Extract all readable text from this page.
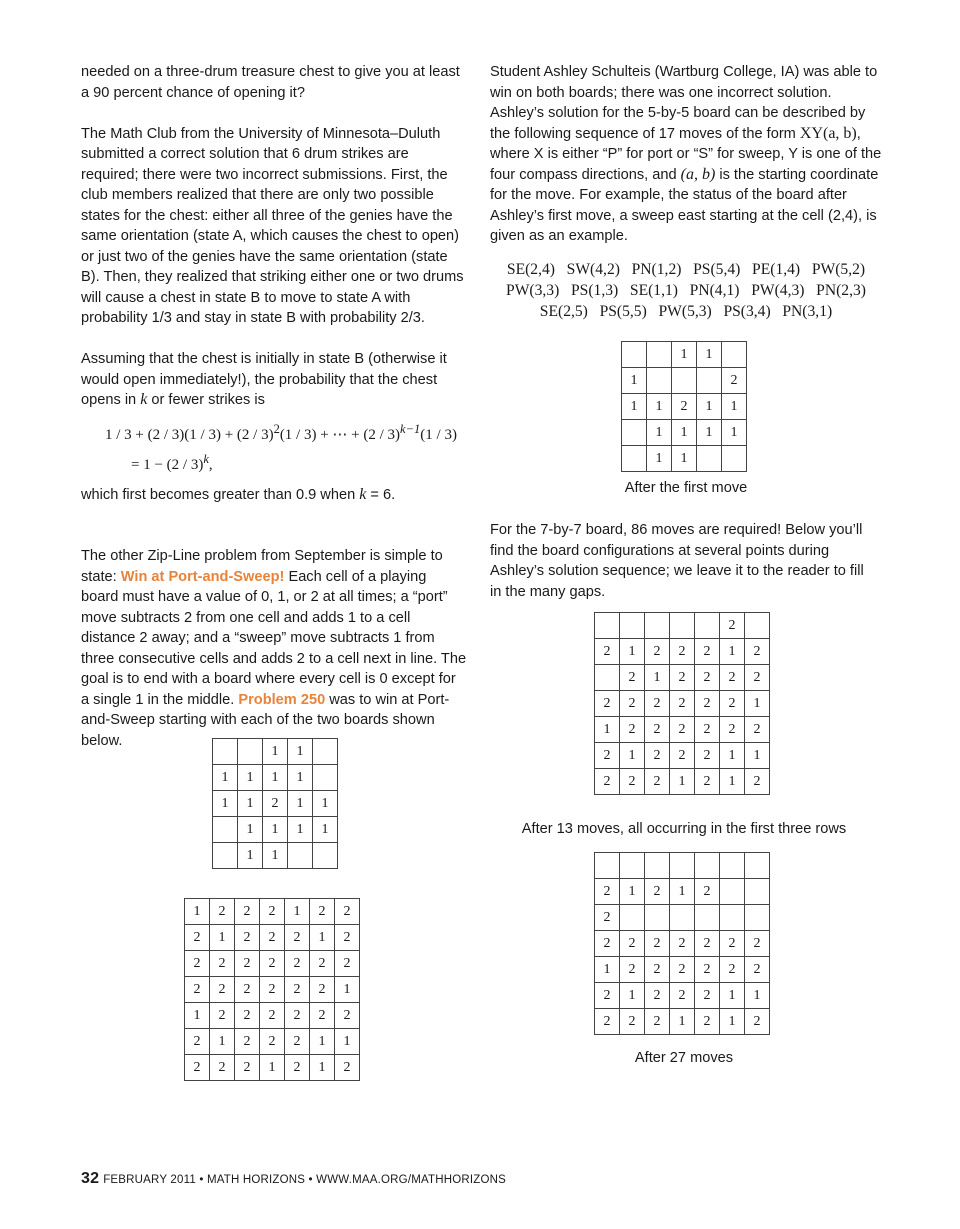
needed on a three-drum treasure chest to give you at least a 90 percent chance of opening it?

The Math Club from the University of Minnesota–Duluth submitted a correct solution that 6 drum strikes are required; there were two incorrect submissions. First, the club members realized that there are only two possible states for the chest: either all three of the genies have the same orientation (state A, which causes the chest to open) or just two of the genies have the same orientation (state B). Then, they realized that striking either one or two drums will cause a chest in state B to move to state A with probability 1/3 and stay in state B with probability 2/3.

Assuming that the chest is initially in state B (otherwise it would open immediately!), the probability that the chest opens in k or fewer strikes is

1 / 3 + (2 / 3)(1 / 3) + (2 / 3)$^2$(1 / 3) + ⋯ + (2 / 3)$^{k-1}$(1 / 3)
= 1 − (2 / 3)$^k$,

which first becomes greater than 0.9 when k = 6.

The other Zip-Line problem from September is simple to state: Win at Port-and-Sweep! Each cell of a playing board must have a value of 0, 1, or 2 at all times; a “port” move subtracts 2 from one cell and adds 1 to a cell distance 2 away; and a “sweep” move subtracts 1 from three consecutive cells and adds 2 to a cell next in line. The goal is to end with a board where every cell is 0 except for a single 1 in the middle. Problem 250 was to win at Port-and-Sweep starting with each of the two boards shown below.

		1	1	
1	1	1	1	
1	1	2	1	1
	1	1	1	1
	1	1		
1	2	2	2	1	2	2
2	1	2	2	2	1	2
2	2	2	2	2	2	2
2	2	2	2	2	2	1
1	2	2	2	2	2	2
2	1	2	2	2	1	1
2	2	2	1	2	1	2

Student Ashley Schulteis (Wartburg College, IA) was able to win on both boards; there was one incorrect solution. Ashley’s solution for the 5-by-5 board can be described by the following sequence of 17 moves of the form XY(a, b), where X is either “P” for port or “S” for sweep, Y is one of the four compass directions, and (a, b) is the starting coordinate for the move. For example, the status of the board after Ashley’s first move, a sweep east starting at the cell (2,4), is given as an example.

SE(2,4)   SW(4,2)   PN(1,2)   PS(5,4)   PE(1,4)   PW(5,2)
PW(3,3)   PS(1,3)   SE(1,1)   PN(4,1)   PW(4,3)   PN(2,3)
SE(2,5)   PS(5,5)   PW(5,3)   PS(3,4)   PN(3,1)
		1	1	
1				2
1	1	2	1	1
	1	1	1	1
	1	1		
After the first move

For the 7-by-7 board, 86 moves are required! Below you’ll find the board configurations at several points during Ashley’s solution sequence; we leave it to the reader to fill in the many gaps.

					2	
2	1	2	2	2	1	2
	2	1	2	2	2	2
2	2	2	2	2	2	1
1	2	2	2	2	2	2
2	1	2	2	2	1	1
2	2	2	1	2	1	2
After 13 moves, all occurring in the first three rows

2	1	2	1	2		
2						
2	2	2	2	2	2	2
1	2	2	2	2	2	2
2	1	2	2	2	1	1
2	2	2	1	2	1	2
After 27 moves
32 FEBRUARY 2011 • MATH HORIZONS • WWW.MAA.ORG/MATHHORIZONS
